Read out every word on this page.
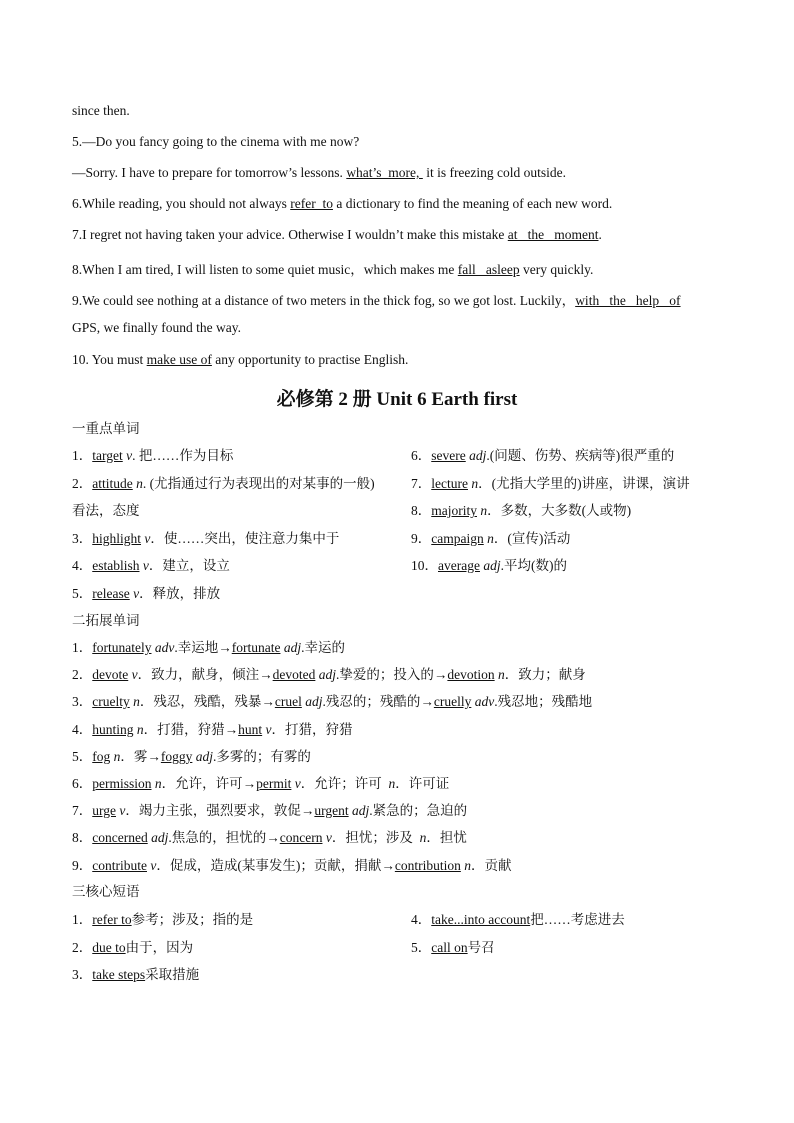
since then.
5.—Do you fancy going to the cinema with me now?
—Sorry. I have to prepare for tomorrow’s lessons. what’s  more,  it is freezing cold outside.
6.While reading, you should not always refer  to a dictionary to find the meaning of each new word.
7.I regret not having taken your advice. Otherwise I wouldn’t make this mistake at   the   moment.
8.When I am tired, I will listen to some quiet music，which makes me fall   asleep very quickly.
9.We could see nothing at a distance of two meters in the thick fog, so we got lost. Luckily，with   the   help   of
GPS, we finally found the way.
10. You must make use of any opportunity to practise English.
必修第 2 册 Unit 6 Earth first
一重点单词
1．target v. 把……作为目标
2．attitude n. (尤指通过行为表现出的对某事的一般)
看法，态度
3．highlight v．使……突出，使注意力集中于
4．establish v．建立，设立
5．release v．释放，排放
6．severe adj.(问题、伤势、疾病等)很严重的
7．lecture n．(尤指大学里的)讲座，讲课，演讲
8．majority n．多数，大多数(人或物)
9．campaign n．(宣传)活动
10．average adj.平均(数)的
二拓展单词
1．fortunately adv.幸运地→fortunate adj.幸运的
2．devote v．致力，献身，倾注→devoted adj.挚爱的；投入的→devotion n．致力；献身
3．cruelty n．残忍，残酷，残暴→cruel adj.残忍的；残酷的→cruelly adv.残忍地；残酷地
4．hunting n．打猎，狩猎→hunt v．打猎，狩猎
5．fog n．雾→foggy adj.多雾的；有雾的
6．permission n．允许，许可→permit v．允许；许可  n．许可证
7．urge v．竭力主张，强烈要求，敦促→urgent adj.紧急的；急迫的
8．concerned adj.焦急的，担忧的→concern v．担忧；涉及  n．担忧
9．contribute v．促成，造成(某事发生)；贡献，捐献→contribution n．贡献
三核心短语
1．refer to参考；涉及；指的是
2．due to由于，因为
3．take steps采取措施
4．take...into account把……考虑进去
5．call on号召
